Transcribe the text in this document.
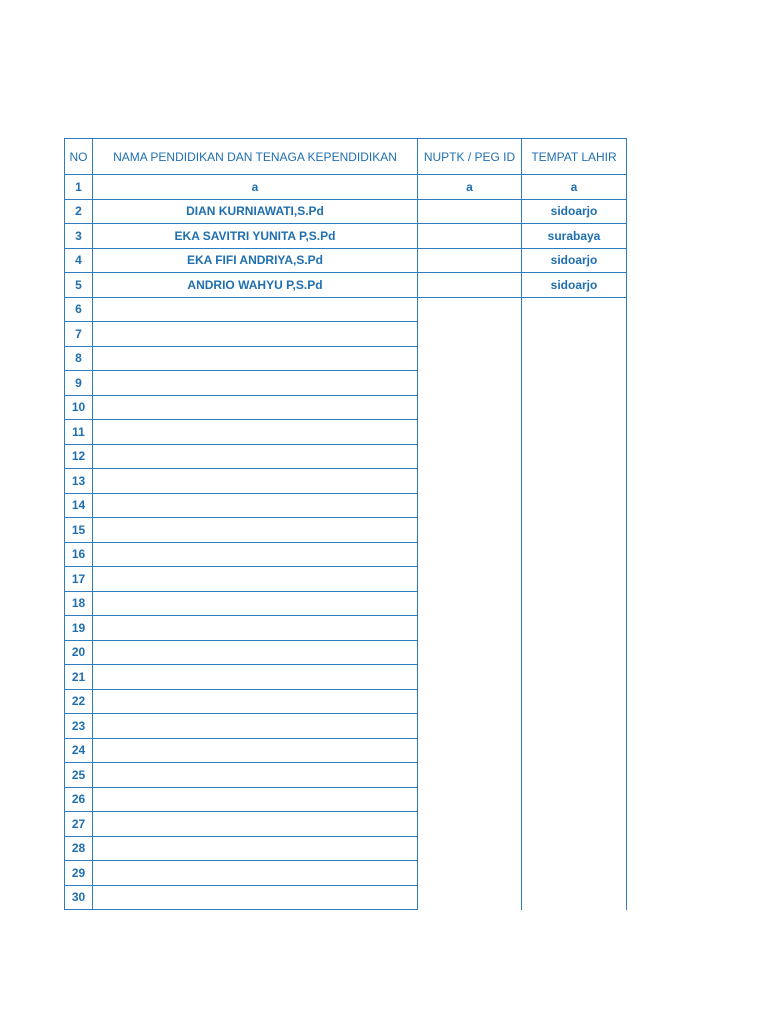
NO	NAMA PENDIDIKAN DAN TENAGA KEPENDIDIKAN	NUPTK / PEG ID	TEMPAT LAHIR
1	a	a	a
2	DIAN KURNIAWATI,S.Pd		sidoarjo
3	EKA SAVITRI YUNITA P,S.Pd		surabaya
4	EKA FIFI ANDRIYA,S.Pd		sidoarjo
5	ANDRIO WAHYU P,S.Pd		sidoarjo
6			
7			
8			
9			
10			
11			
12			
13			
14			
15			
16			
17			
18			
19			
20			
21			
22			
23			
24			
25			
26			
27			
28			
29			
30			
